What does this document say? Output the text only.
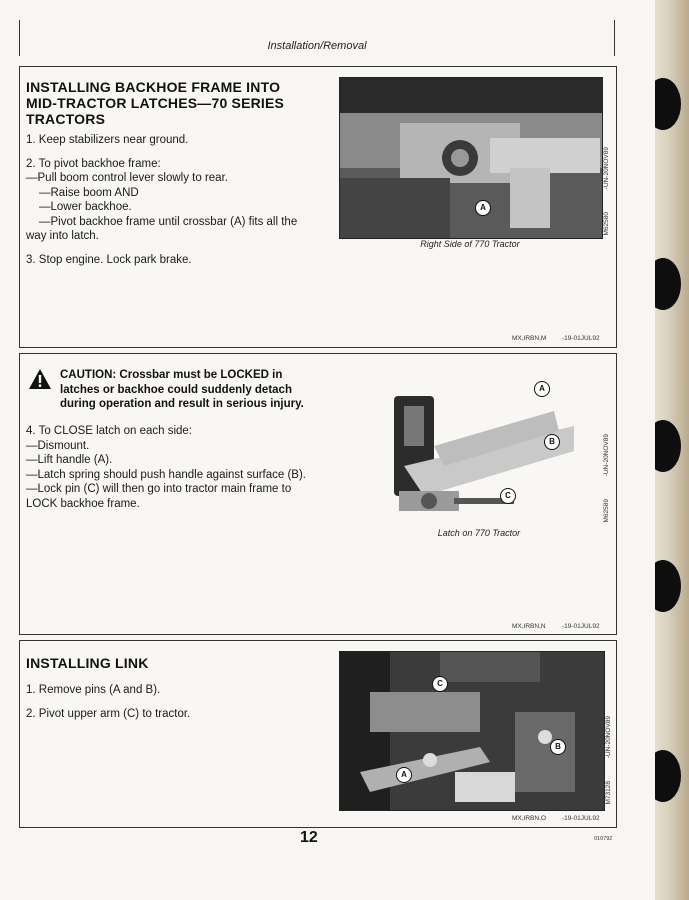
Installation/Removal
INSTALLING BACKHOE FRAME INTO
MID-TRACTOR LATCHES—70 SERIES
TRACTORS

1. Keep stabilizers near ground.

2. To pivot backhoe frame:

—Pull boom control lever slowly to rear.

—Raise boom AND

—Lower backhoe.

—Pivot backhoe frame until crossbar (A) fits all the

way into latch.

3. Stop engine. Lock park brake.

A
Right Side of 770 Tractor
-UN-20NOV89
M62580
MX,IRBN,M -19-01JUL92
CAUTION: Crossbar must be LOCKED in
latches or backhoe could suddenly detach
during operation and result in serious injury.

4. To CLOSE latch on each side:

—Dismount.

—Lift handle (A).

—Latch spring should push handle against surface (B).

—Lock pin (C) will then go into tractor main frame to

LOCK backhoe frame.

A
B
C
Latch on 770 Tractor
-UN-20NOV89
M62589
MX,IRBN,N	-19-01JUL92
INSTALLING LINK

1. Remove pins (A and B).

2. Pivot upper arm (C) to tractor.

A
B
C
-UN-20NOV89
M73128
MX,IRBN,O -19-01JUL92
12	010792
